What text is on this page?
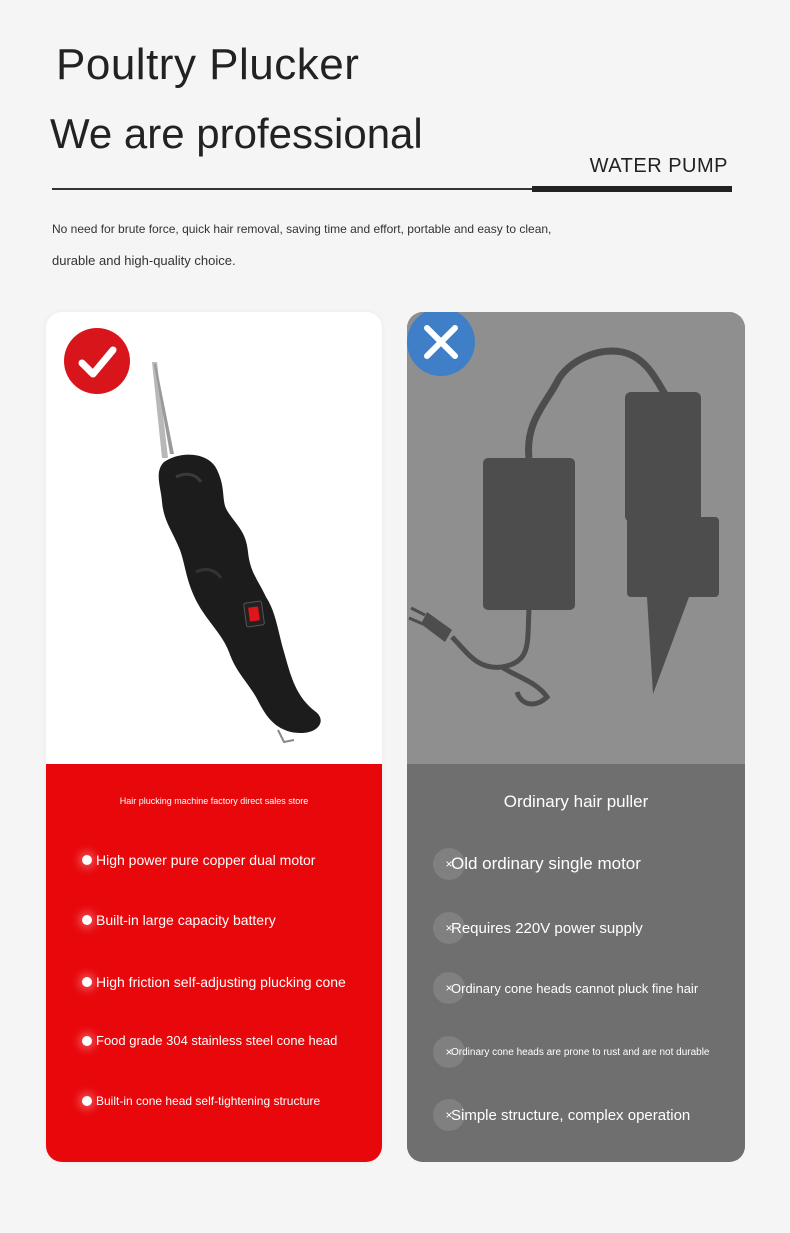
Poultry Plucker
We are professional
WATER PUMP
No need for brute force, quick hair removal, saving time and effort, portable and easy to clean,
durable and high-quality choice.
Hair plucking machine factory direct sales store
High power pure copper dual motor
Built-in large capacity battery
High friction self-adjusting plucking cone
Food grade 304 stainless steel cone head
Built-in cone head self-tightening structure
Ordinary hair puller
×
Old ordinary single motor
×
Requires 220V power supply
×
Ordinary cone heads cannot pluck fine hair
×
Ordinary cone heads are prone to rust and are not durable
×
Simple structure, complex operation
